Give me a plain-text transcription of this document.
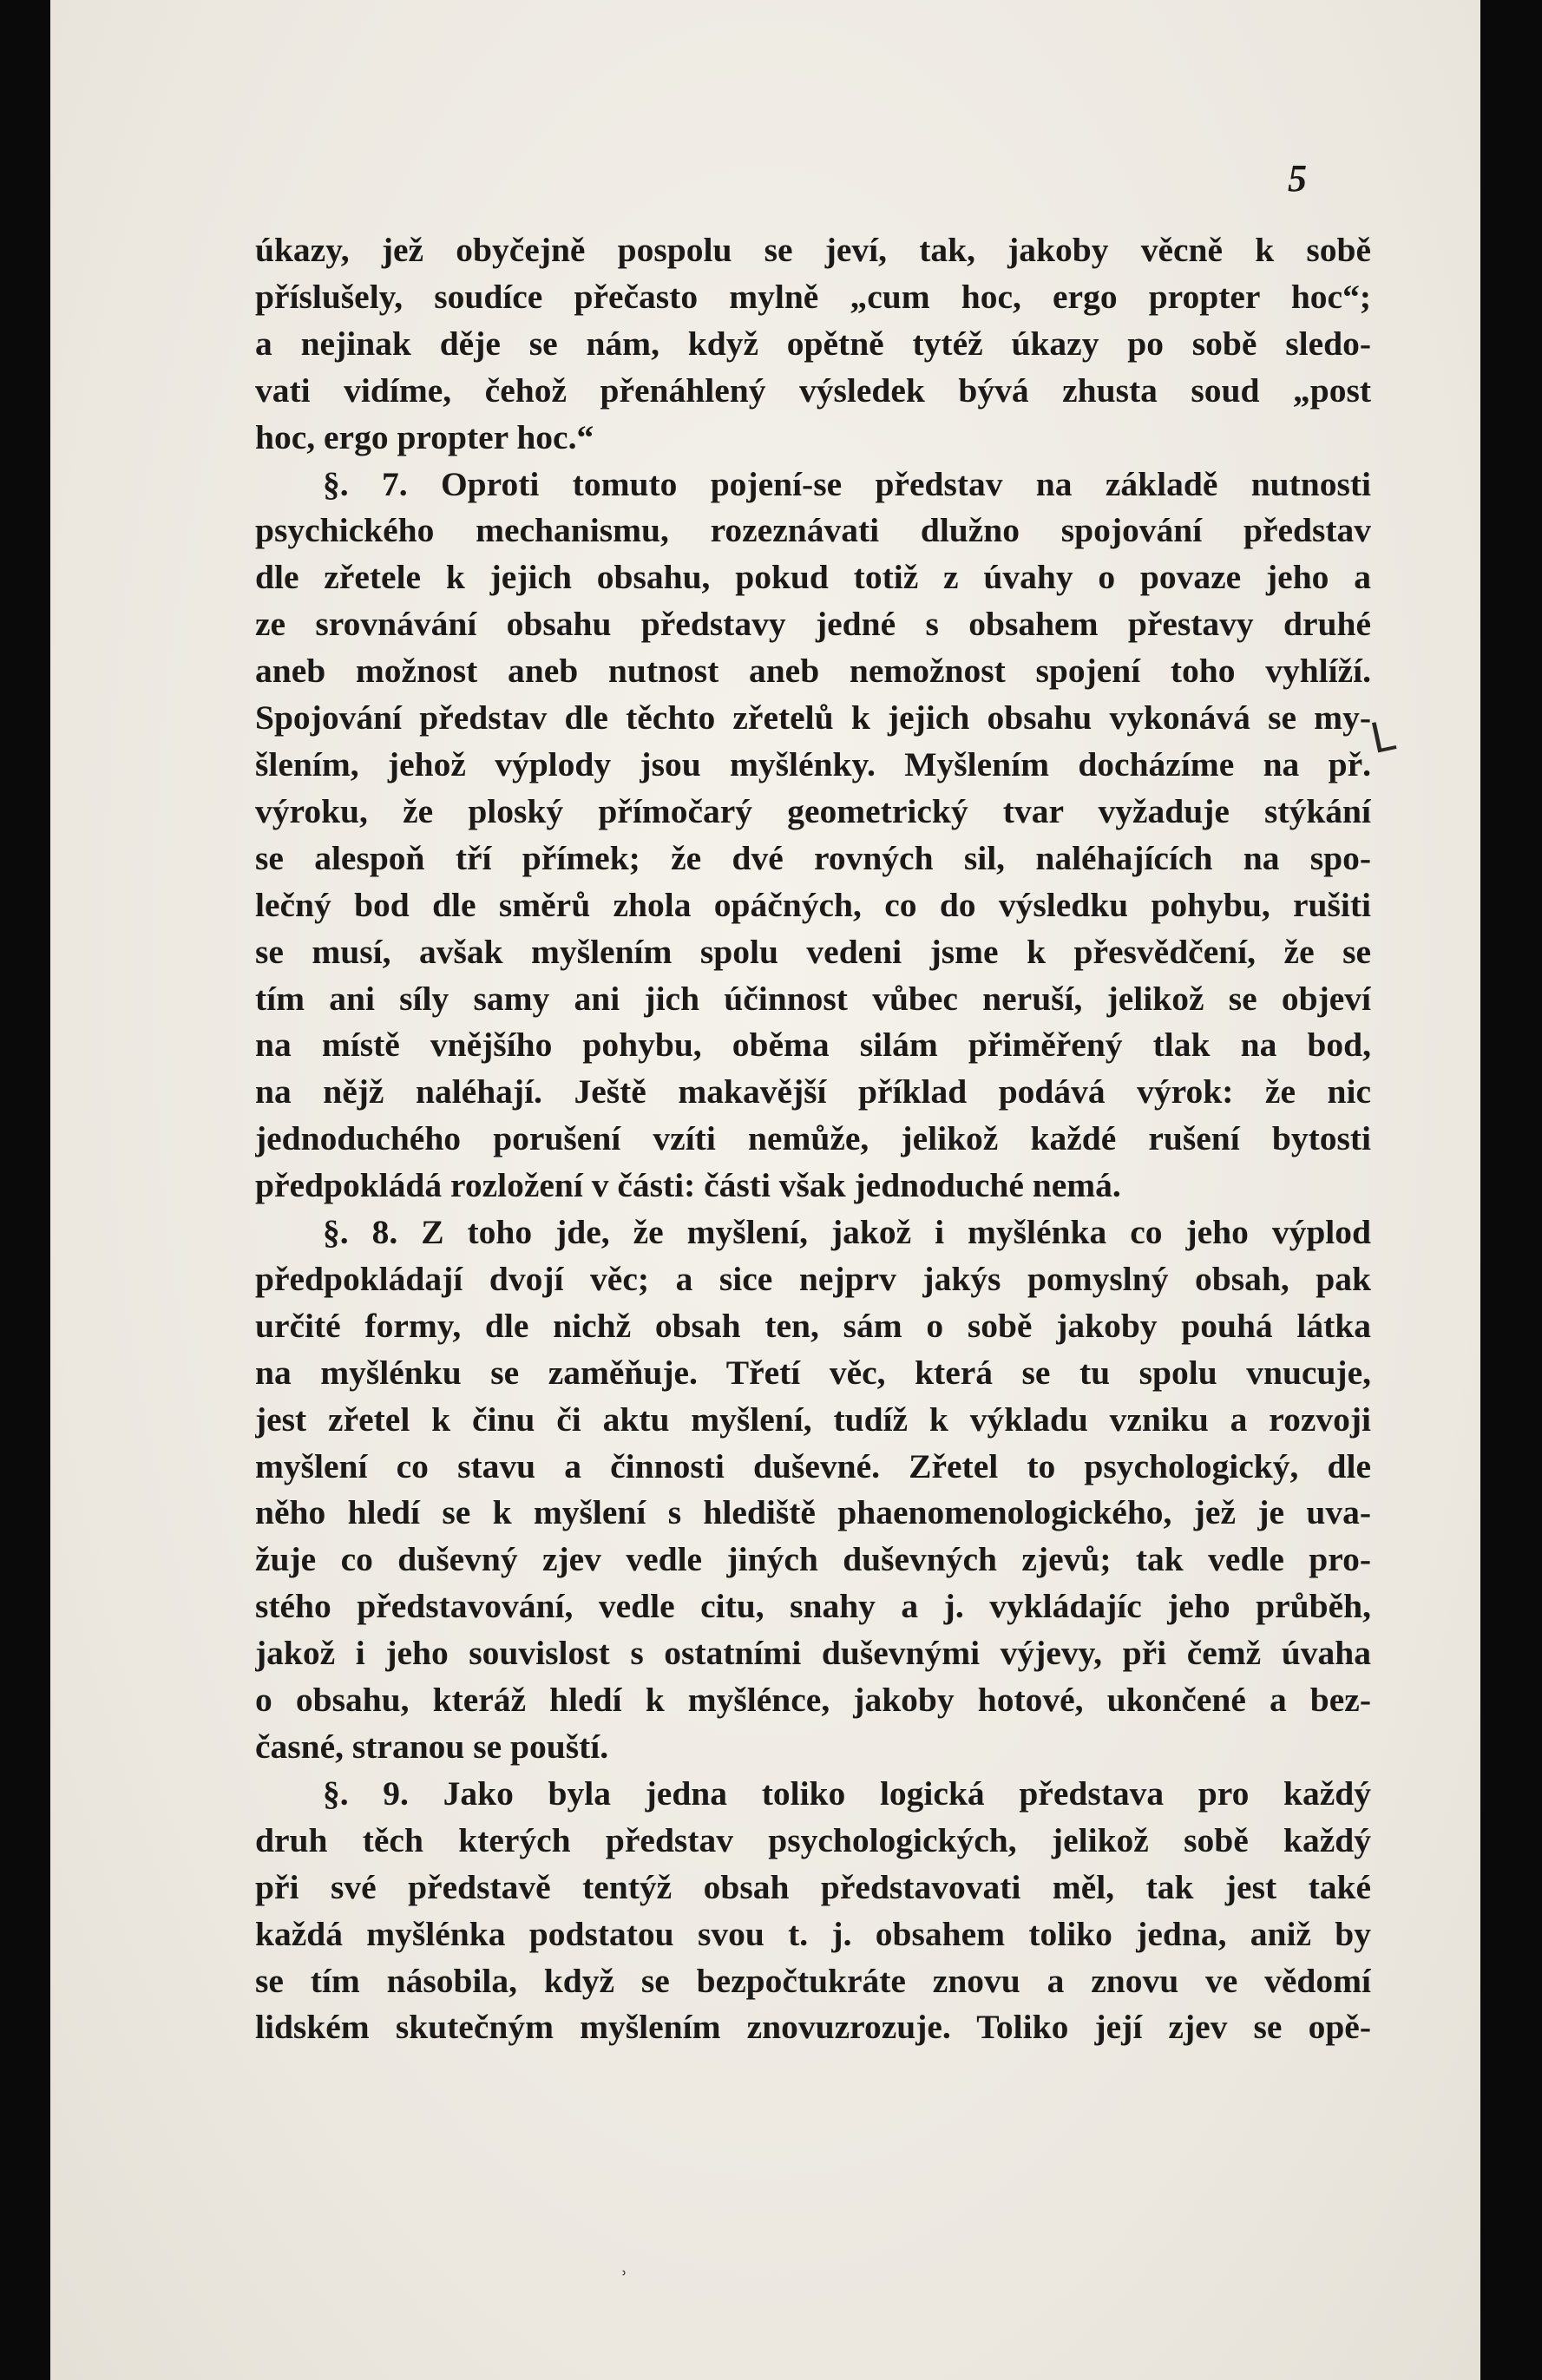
5
úkazy, jež obyčejně pospolu se jeví, tak, jakoby věcně k sobě
příslušely, soudíce přečasto mylně „cum hoc, ergo propter hoc“;
a nejinak děje se nám, když opětně tytéž úkazy po sobě sledo-
vati vidíme, čehož přenáhlený výsledek bývá zhusta soud „post
hoc, ergo propter hoc.“
§. 7. Oproti tomuto pojení-se představ na základě nutnosti
psychického mechanismu, rozeznávati dlužno spojování představ
dle zřetele k jejich obsahu, pokud totiž z úvahy o povaze jeho a
ze srovnávání obsahu představy jedné s obsahem přestavy druhé
aneb možnost aneb nutnost aneb nemožnost spojení toho vyhlíží.
Spojování představ dle těchto zřetelů k jejich obsahu vykonává se my-
šlením, jehož výplody jsou myšlénky. Myšlením docházíme na př.
výroku, že ploský přímočarý geometrický tvar vyžaduje stýkání
se alespoň tří přímek; že dvé rovných sil, naléhajících na spo-
lečný bod dle směrů zhola opáčných, co do výsledku pohybu, rušiti
se musí, avšak myšlením spolu vedeni jsme k přesvědčení, že se
tím ani síly samy ani jich účinnost vůbec neruší, jelikož se objeví
na místě vnějšího pohybu, oběma silám přiměřený tlak na bod,
na nějž naléhají. Ještě makavější příklad podává výrok: že nic
jednoduchého porušení vzíti nemůže, jelikož každé rušení bytosti
předpokládá rozložení v části: části však jednoduché nemá.
§. 8. Z toho jde, že myšlení, jakož i myšlénka co jeho výplod
předpokládají dvojí věc; a sice nejprv jakýs pomyslný obsah, pak
určité formy, dle nichž obsah ten, sám o sobě jakoby pouhá látka
na myšlénku se zaměňuje. Třetí věc, která se tu spolu vnucuje,
jest zřetel k činu či aktu myšlení, tudíž k výkladu vzniku a rozvoji
myšlení co stavu a činnosti duševné. Zřetel to psychologický, dle
něho hledí se k myšlení s hlediště phaenomenologického, jež je uva-
žuje co duševný zjev vedle jiných duševných zjevů; tak vedle pro-
stého představování, vedle citu, snahy a j. vykládajíc jeho průběh,
jakož i jeho souvislost s ostatními duševnými výjevy, při čemž úvaha
o obsahu, kteráž hledí k myšlénce, jakoby hotové, ukončené a bez-
časné, stranou se pouští.
§. 9. Jako byla jedna toliko logická představa pro každý
druh těch kterých představ psychologických, jelikož sobě každý
při své představě tentýž obsah představovati měl, tak jest také
každá myšlénka podstatou svou t. j. obsahem toliko jedna, aniž by
se tím násobila, když se bezpočtukráte znovu a znovu ve vědomí
lidském skutečným myšlením znovuzrozuje. Toliko její zjev se opě-
L
ʾ
